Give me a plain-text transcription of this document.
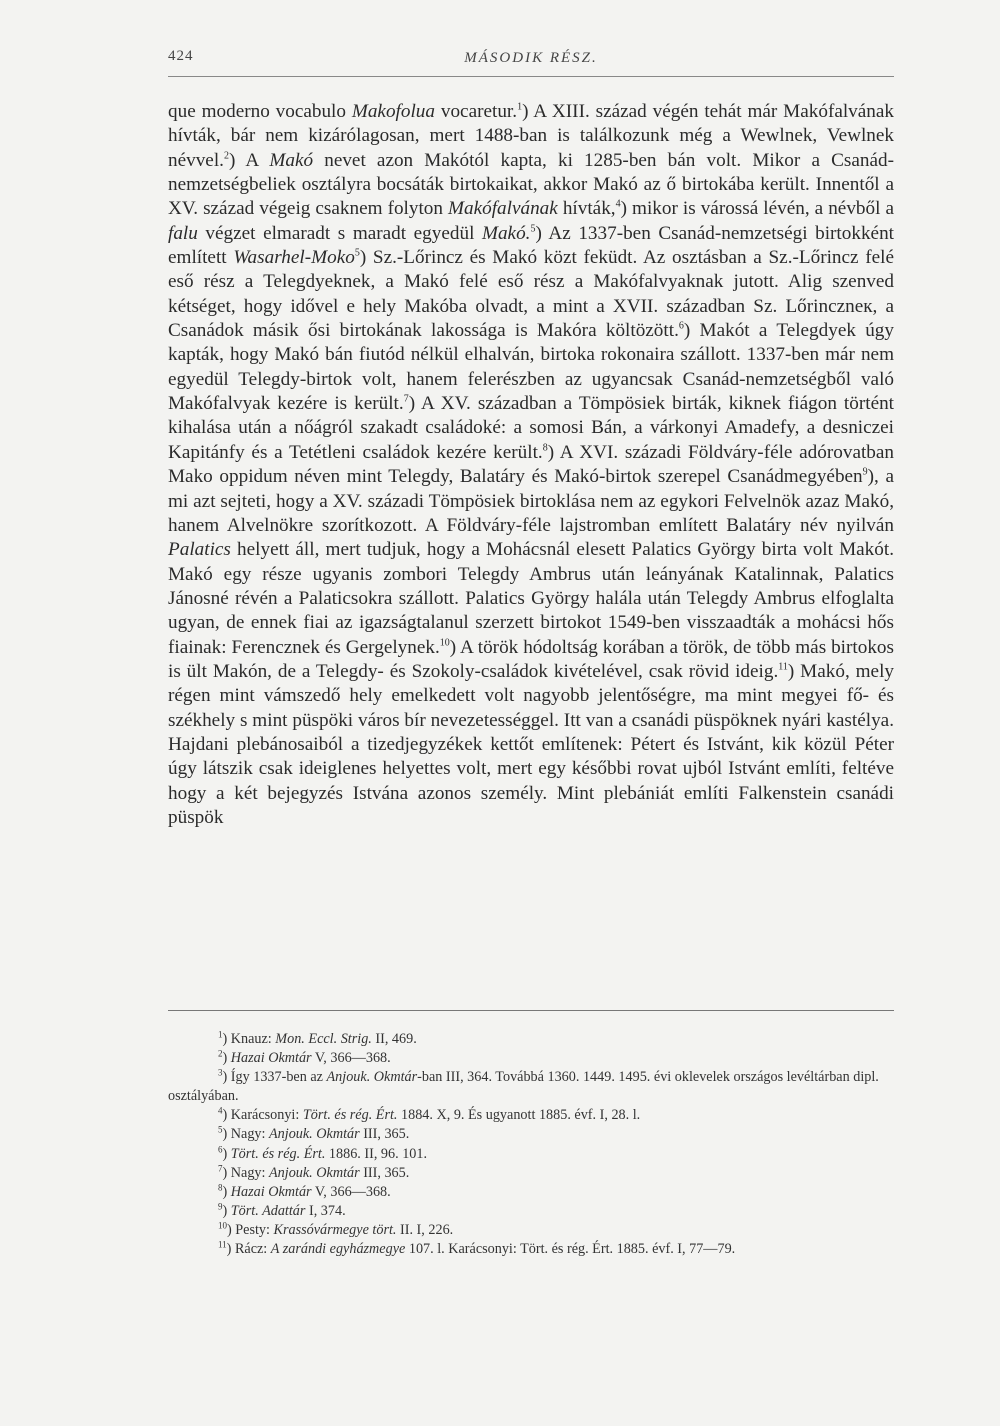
424	MÁSODIK RÉSZ.

que moderno vocabulo Makofolua vocaretur.$^1$) A XIII. század végén tehát már Makófalvának hívták, bár nem kizárólagosan, mert 1488-ban is találkozunk még a Wewlnek, Vewlnek névvel.$^2$) A Makó nevet azon Makótól kapta, ki 1285-ben bán volt. Mikor a Csanád-nemzetségbeliek osztályra bocsáták birtokaikat, akkor Makó az ő birtokába került. Innentől a XV. század végeig csaknem folyton Makófalvának hívták,$^4$) mikor is várossá lévén, a névből a falu végzet elmaradt s maradt egyedül Makó.$^5$) Az 1337-ben Csanád-nemzetségi birtokként említett Wasarhel-Moko$^5$) Sz.-Lőrincz és Makó közt feküdt. Az osztásban a Sz.-Lőrincz felé eső rész a Telegdyeknek, a Makó felé eső rész a Makófalvyaknak jutott. Alig szenved kétséget, hogy idővel e hely Makóba olvadt, a mint a XVII. században Sz. Lőrinczneк, a Csanádok másik ősi birtokának lakossága is Makóra költözött.$^6$) Makót a Telegdyek úgy kapták, hogy Makó bán fiutód nélkül elhalván, birtoka rokonaira szállott. 1337-ben már nem egyedül Telegdy-birtok volt, hanem felerészben az ugyancsak Csanád-nemzetségből való Makófalvyak kezére is került.$^7$) A XV. században a Tömpösiek birták, kiknek fiágon történt kihalása után a nőágról szakadt családoké: a somosi Bán, a várkonyi Amadefy, a desniczei Kapitánfy és a Tetétleni családok kezére került.$^8$) A XVI. századi Földváry-féle adórovatban Mako oppidum néven mint Telegdy, Balatáry és Makó-birtok szerepel Csanádmegyében$^9$), a mi azt sejteti, hogy a XV. századi Tömpösiek birtoklása nem az egykori Felvelnök azaz Makó, hanem Alvelnökre szorítkozott. A Földváry-féle lajstromban említett Balatáry név nyilván Palatics helyett áll, mert tudjuk, hogy a Mohácsnál elesett Palatics György birta volt Makót. Makó egy része ugyanis zombori Telegdy Ambrus után leányának Katalinnak, Palatics Jánosné révén a Palaticsokra szállott. Palatics György halála után Telegdy Ambrus elfoglalta ugyan, de ennek fiai az igazságtalanul szerzett birtokot 1549-ben visszaadták a mohácsi hős fiainak: Ferencznek és Gergelynek.$^{10}$) A török hódoltság korában a török, de több más birtokos is ült Makón, de a Telegdy- és Szokoly-családok kivételével, csak rövid ideig.$^{11}$) Makó, mely régen mint vámszedő hely emelkedett volt nagyobb jelentőségre, ma mint megyei fő- és székhely s mint püspöki város bír nevezetességgel. Itt van a csanádi püspöknek nyári kastélya. Hajdani plebánosaiból a tizedjegyzékek kettőt említenek: Pétert és Istvánt, kik közül Péter úgy látszik csak ideiglenes helyettes volt, mert egy későbbi rovat ujból Istvánt említi, feltéve hogy a két bejegyzés Istvána azonos személy. Mint plebániát említi Falkenstein csanádi püspök

$^1$) Knauz: Mon. Eccl. Strig. II, 469.

$^2$) Hazai Okmtár V, 366—368.

$^3$) Így 1337-ben az Anjouk. Okmtár-ban III, 364. Továbbá 1360. 1449. 1495. évi oklevelek országos levéltárban dipl. osztályában.

$^4$) Karácsonyi: Tört. és rég. Ért. 1884. X, 9. És ugyanott 1885. évf. I, 28. l.

$^5$) Nagy: Anjouk. Okmtár III, 365.

$^6$) Tört. és rég. Ért. 1886. II, 96. 101.

$^7$) Nagy: Anjouk. Okmtár III, 365.

$^8$) Hazai Okmtár V, 366—368.

$^9$) Tört. Adattár I, 374.

$^{10}$) Pesty: Krassóvármegye tört. II. I, 226.

$^{11}$) Rácz: A zarándi egyházmegye 107. l. Karácsonyi: Tört. és rég. Ért. 1885. évf. I, 77—79.
